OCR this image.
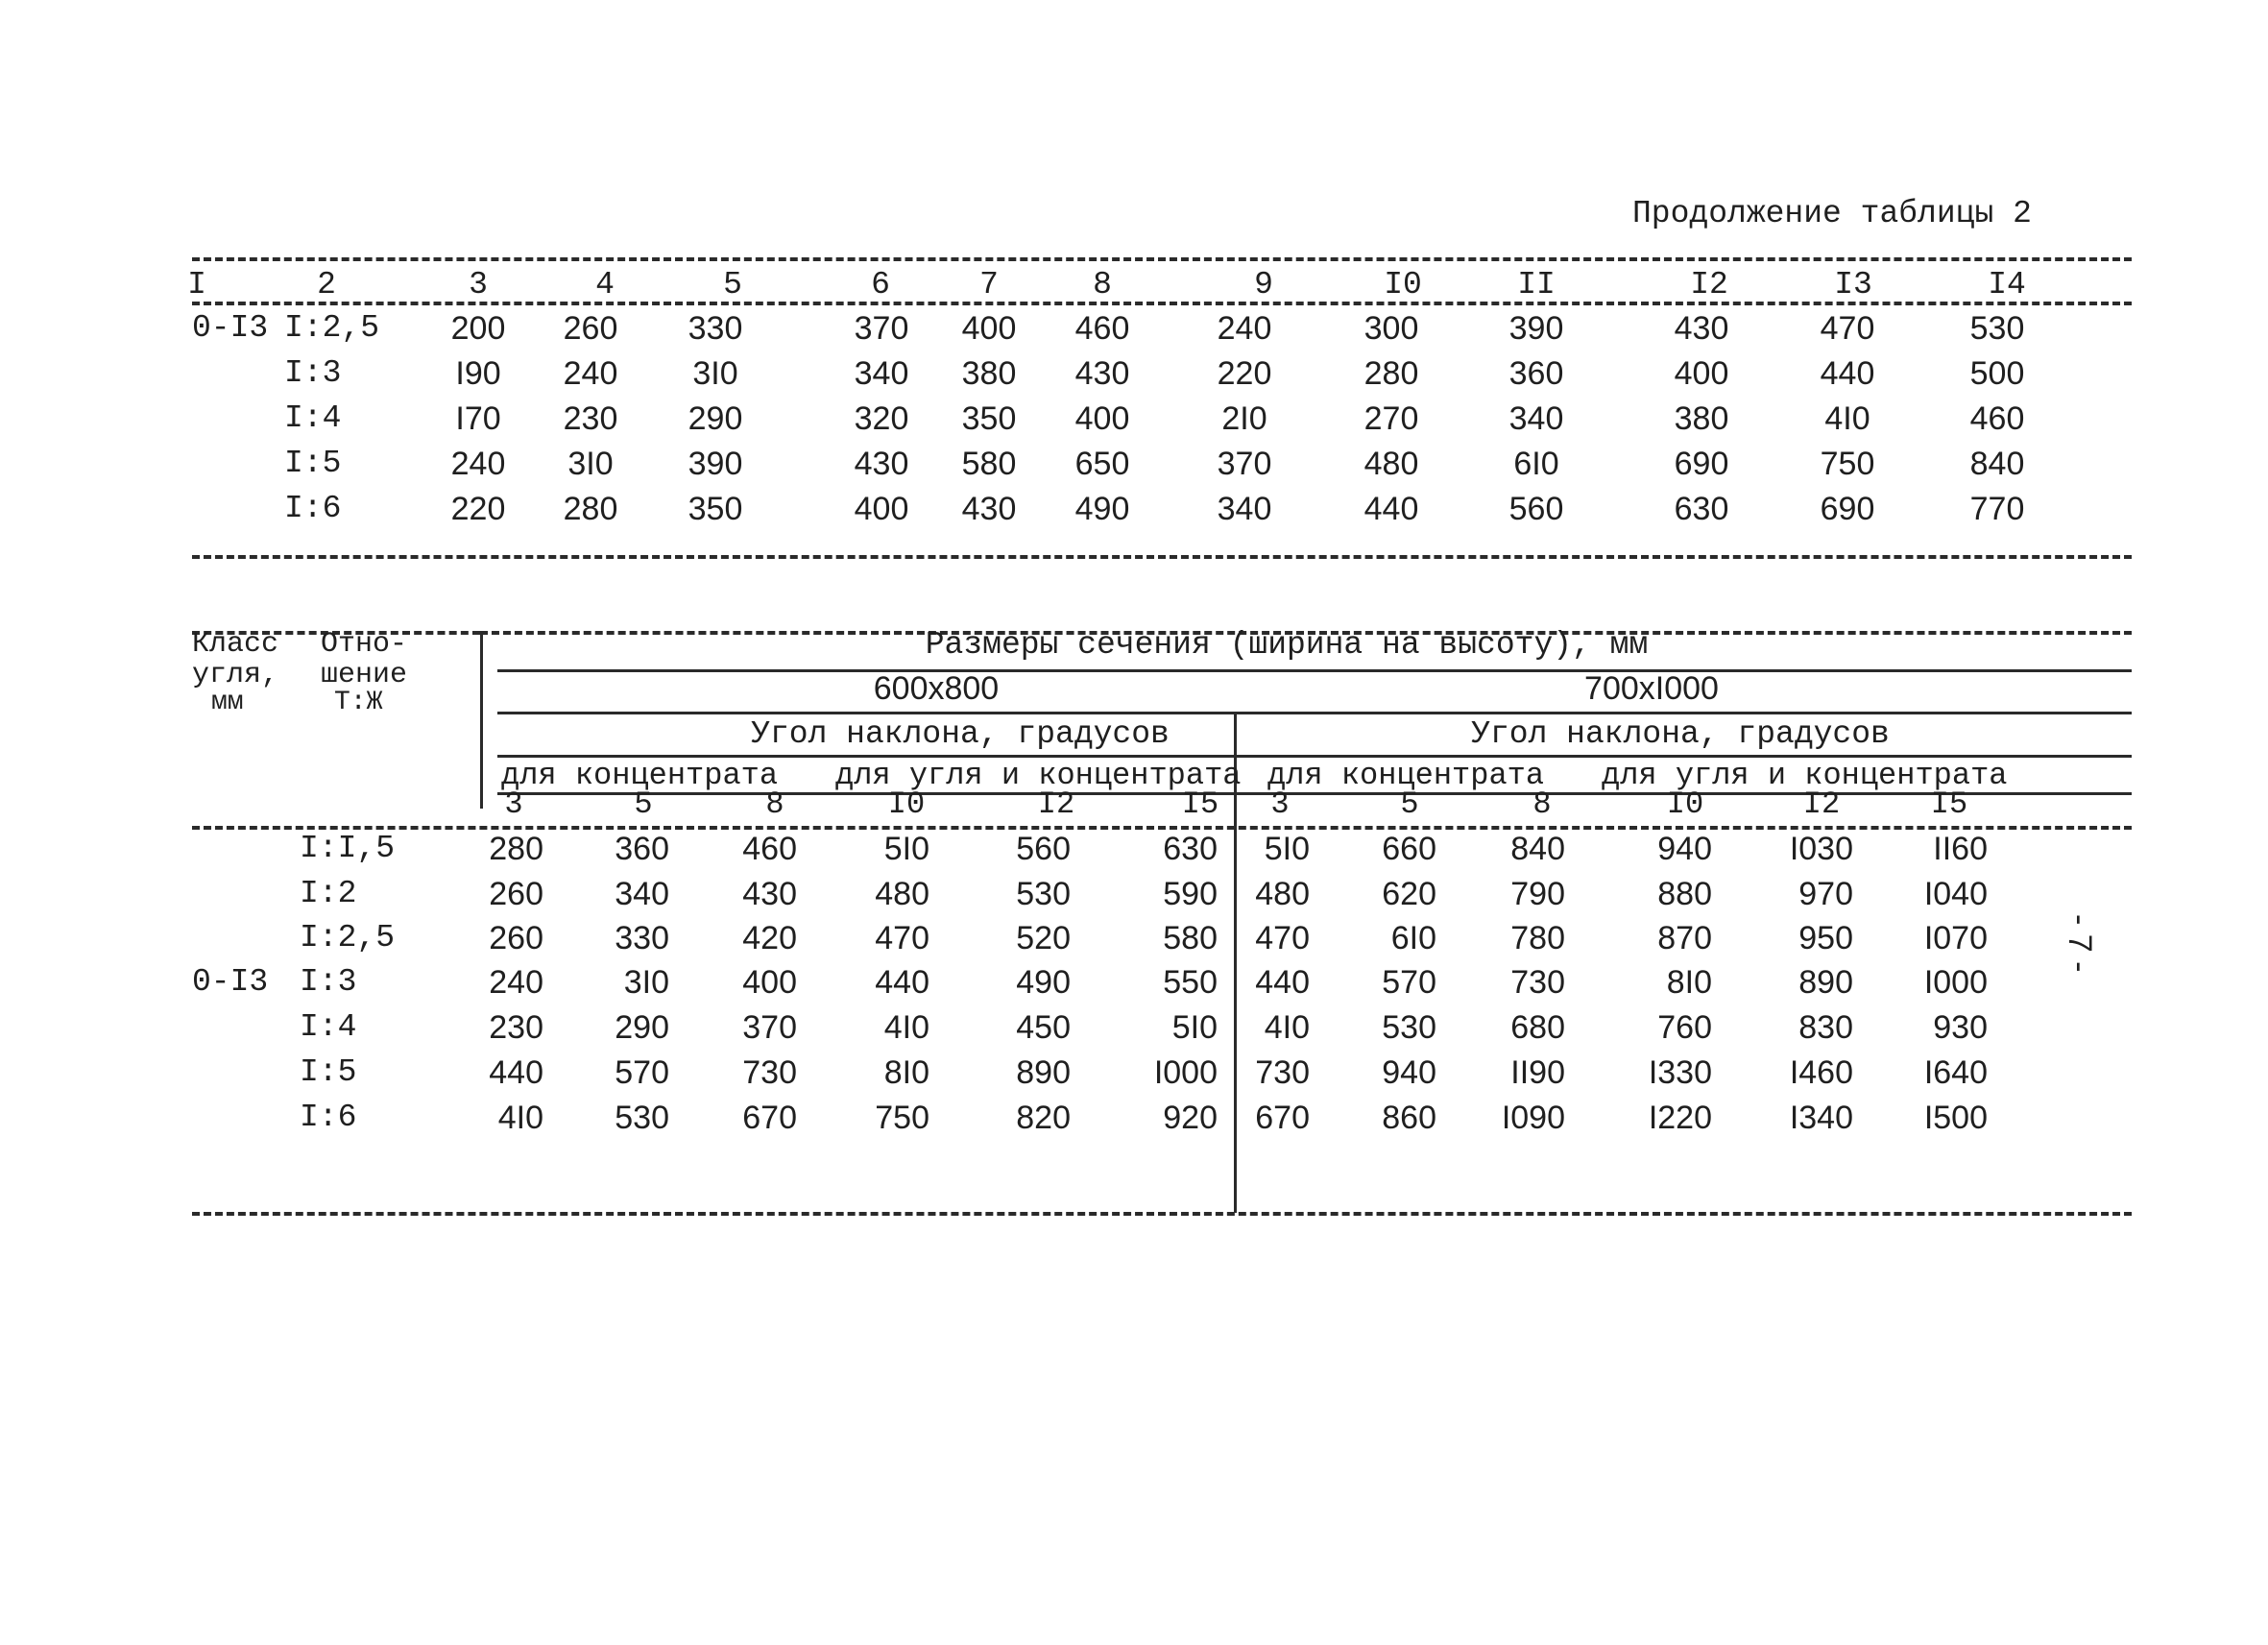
Продолжение таблицы 2
I	2	3	4	5	6	7	8	9	I0	II	I2	I3	I4
0-I3 I:2,5 200 260 330	370 400 460	240	300	390	430	470	530
I:3	I90 240 3I0	340 380 430	220	280	360	400	440	500
I:4	I70 230 290	320 350 400	2I0	270	340	380	4I0	460
I:5	240 3I0 390	430 580 650	370	480	6I0	690	750	840
I:6	220 280 350	400 430 490	340	440	560	630	690	770
Класс
угля,
мм
Отно-
шение
Т:Ж
Размеры сечения (ширина на высоту), мм
600x800	700xI000
Угол наклона, градусов	Угол наклона, градусов
для концентрата для угля и концентрата для концентрата для угля и концентрата
3	5	8	I0	I2	I5 3	5	8	I0	I2	I5
0-I3
I:I,5	280 360 460	5I0	560	630 5I0 660 840	940 I030 II60
I:2	260 340 430 480	530	590 480 620 790	880	970 I040
I:2,5	260 330 420 470	520	580 470 6I0 780	870	950 I070
I:3	240 3I0 400 440	490	550 440 570 730	8I0	890 I000
I:4	230 290 370	4I0	450	5I0 4I0 530 680	760	830 930
I:5	440 570 730	8I0	890	I000 730 940 II90	I330 I460 I640
I:6	4I0 530 670 750	820	920 670 860 I090	I220 I340 I500
- 7 -
